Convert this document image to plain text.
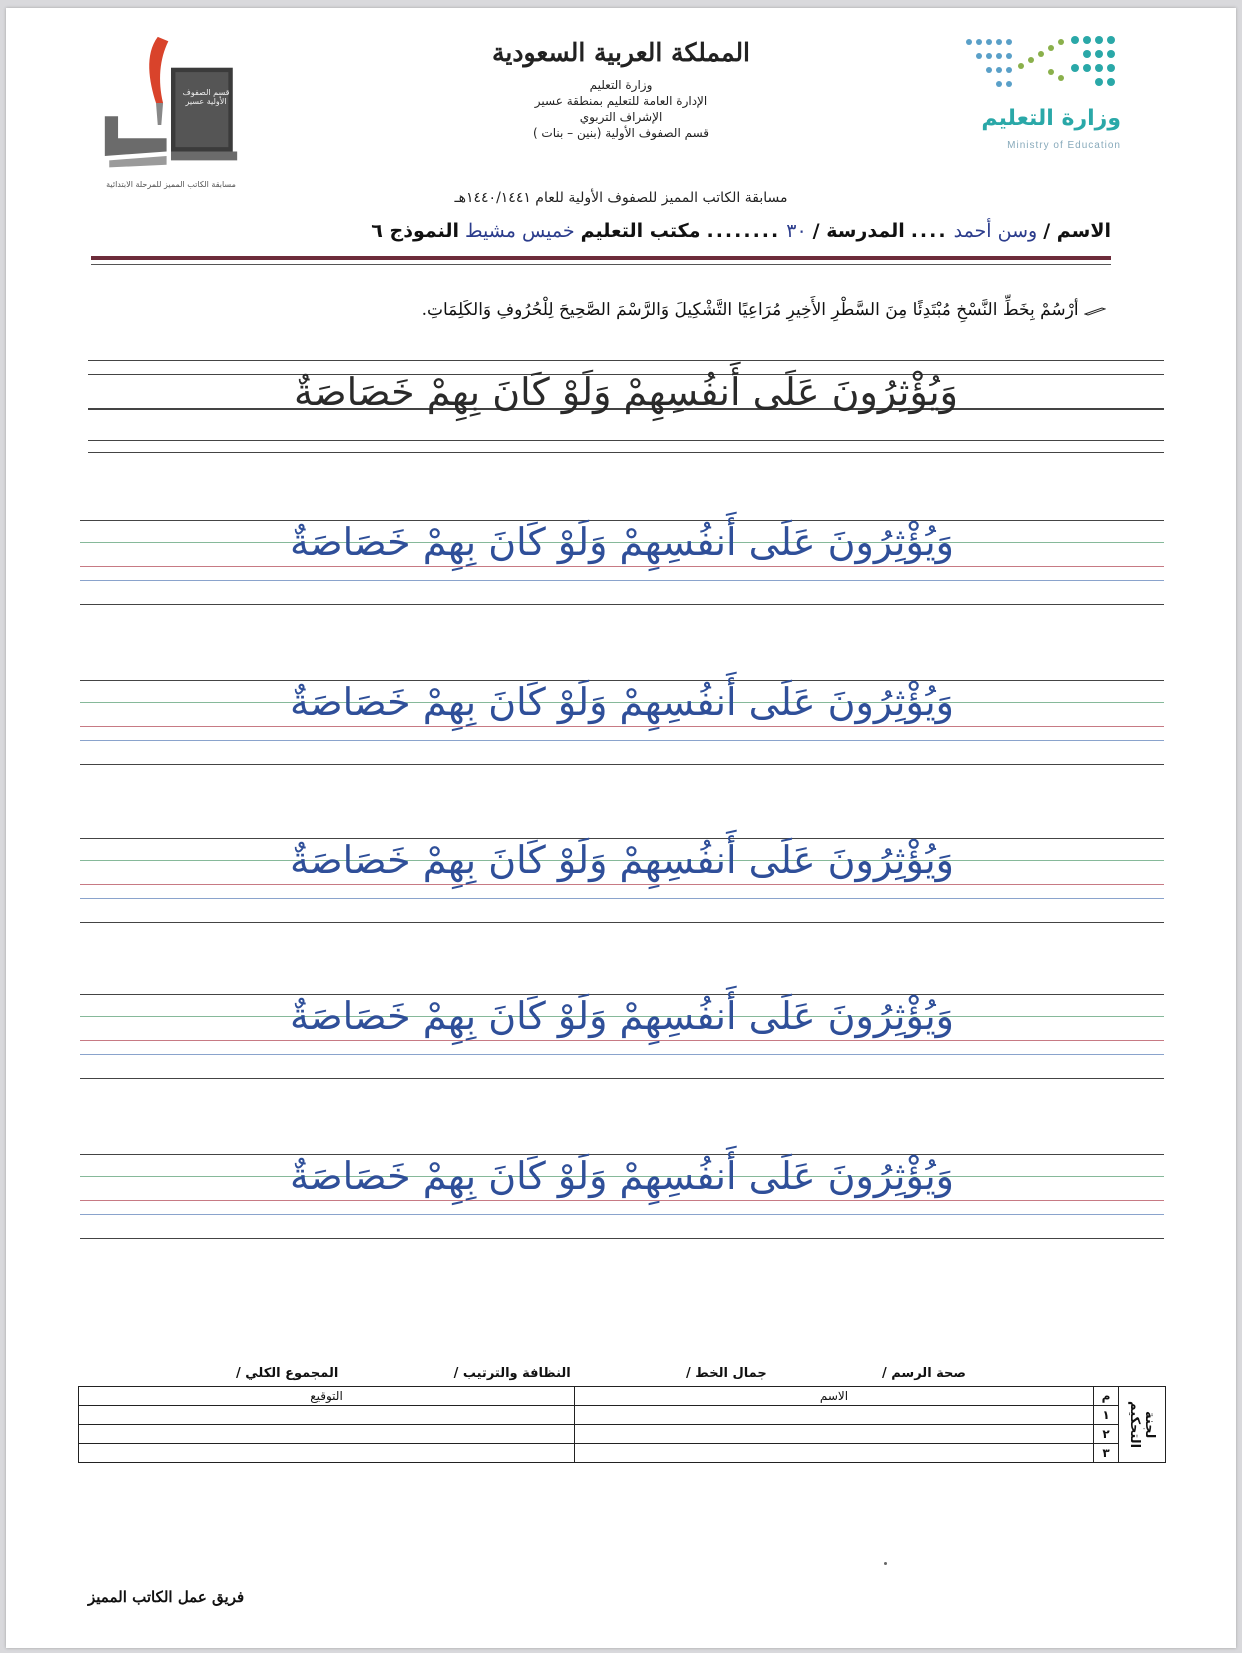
وزارة التعليم
Ministry of Education
قسم الصفوف الأولية عسير
مسابقة الكاتب المميز للمرحلة الابتدائية
المملكة العربية السعودية
وزارة التعليم
الإدارة العامة للتعليم بمنطقة عسير
الإشراف التربوي
قسم الصفوف الأولية (بنين – بنات )
مسابقة الكاتب المميز للصفوف الأولية للعام ١٤٤٠/١٤٤١هـ
الاسم /
وسن أحمد
....
المدرسة /
٣٠
........
مكتب التعليم
خميس مشيط
النموذج ٦
أرْسُمْ بِخَطِّ النَّسْخِ مُبْتَدِئًا مِنَ السَّطْرِ الأَخِيرِ مُرَاعِيًا التَّشْكِيلَ وَالرَّسْمَ الصَّحِيحَ لِلْحُرُوفِ وَالكَلِمَاتِ.
وَيُؤْثِرُونَ عَلَى أَنفُسِهِمْ وَلَوْ كَانَ بِهِمْ خَصَاصَةٌ
وَيُؤْثِرُونَ عَلَى أَنفُسِهِمْ وَلَوْ كَانَ بِهِمْ خَصَاصَةٌ
وَيُؤْثِرُونَ عَلَى أَنفُسِهِمْ وَلَوْ كَانَ بِهِمْ خَصَاصَةٌ
وَيُؤْثِرُونَ عَلَى أَنفُسِهِمْ وَلَوْ كَانَ بِهِمْ خَصَاصَةٌ
وَيُؤْثِرُونَ عَلَى أَنفُسِهِمْ وَلَوْ كَانَ بِهِمْ خَصَاصَةٌ
وَيُؤْثِرُونَ عَلَى أَنفُسِهِمْ وَلَوْ كَانَ بِهِمْ خَصَاصَةٌ
صحة الرسم /
جمال الخط /
النظافة والترتيب /
المجموع الكلي /
لجنة التحكيم	م	الاسم	التوقيع
	١		
	٢		
	٣		
فريق عمل الكاتب المميز
